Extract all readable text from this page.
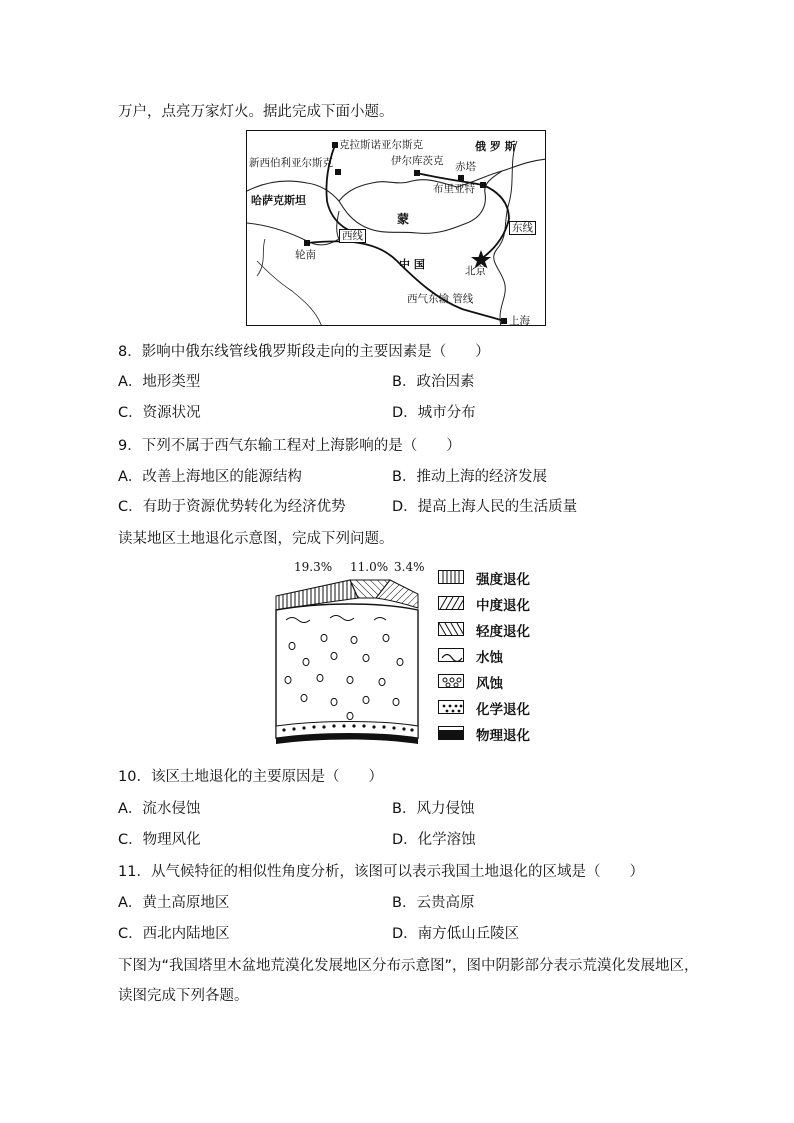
万户，点亮万家灯火。据此完成下面小题。
克拉斯诺亚尔斯克
新西伯利亚尔斯克	伊尔库茨克 赤塔
俄 罗 斯
布里亚特
哈萨克斯坦
蒙
西线
东线
轮南
中 国	北京
西气东输 管线
上海
8．影响中俄东线管线俄罗斯段走向的主要因素是（　　）
A．地形类型	B．政治因素
C．资源状况	D．城市分布
9．下列不属于西气东输工程对上海影响的是（　　）
A．改善上海地区的能源结构	B．推动上海的经济发展
C．有助于资源优势转化为经济优势	D．提高上海人民的生活质量
读某地区土地退化示意图，完成下列问题。
19.3% 11.0% 3.4%
强度退化
中度退化
轻度退化
水蚀
风蚀
化学退化
物理退化
10．该区土地退化的主要原因是（　　）
A．流水侵蚀	B．风力侵蚀
C．物理风化	D．化学溶蚀
11．从气候特征的相似性角度分析，该图可以表示我国土地退化的区域是（　　）
A．黄土高原地区	B．云贵高原
C．西北内陆地区	D．南方低山丘陵区
下图为“我国塔里木盆地荒漠化发展地区分布示意图”，图中阴影部分表示荒漠化发展地区，
读图完成下列各题。
